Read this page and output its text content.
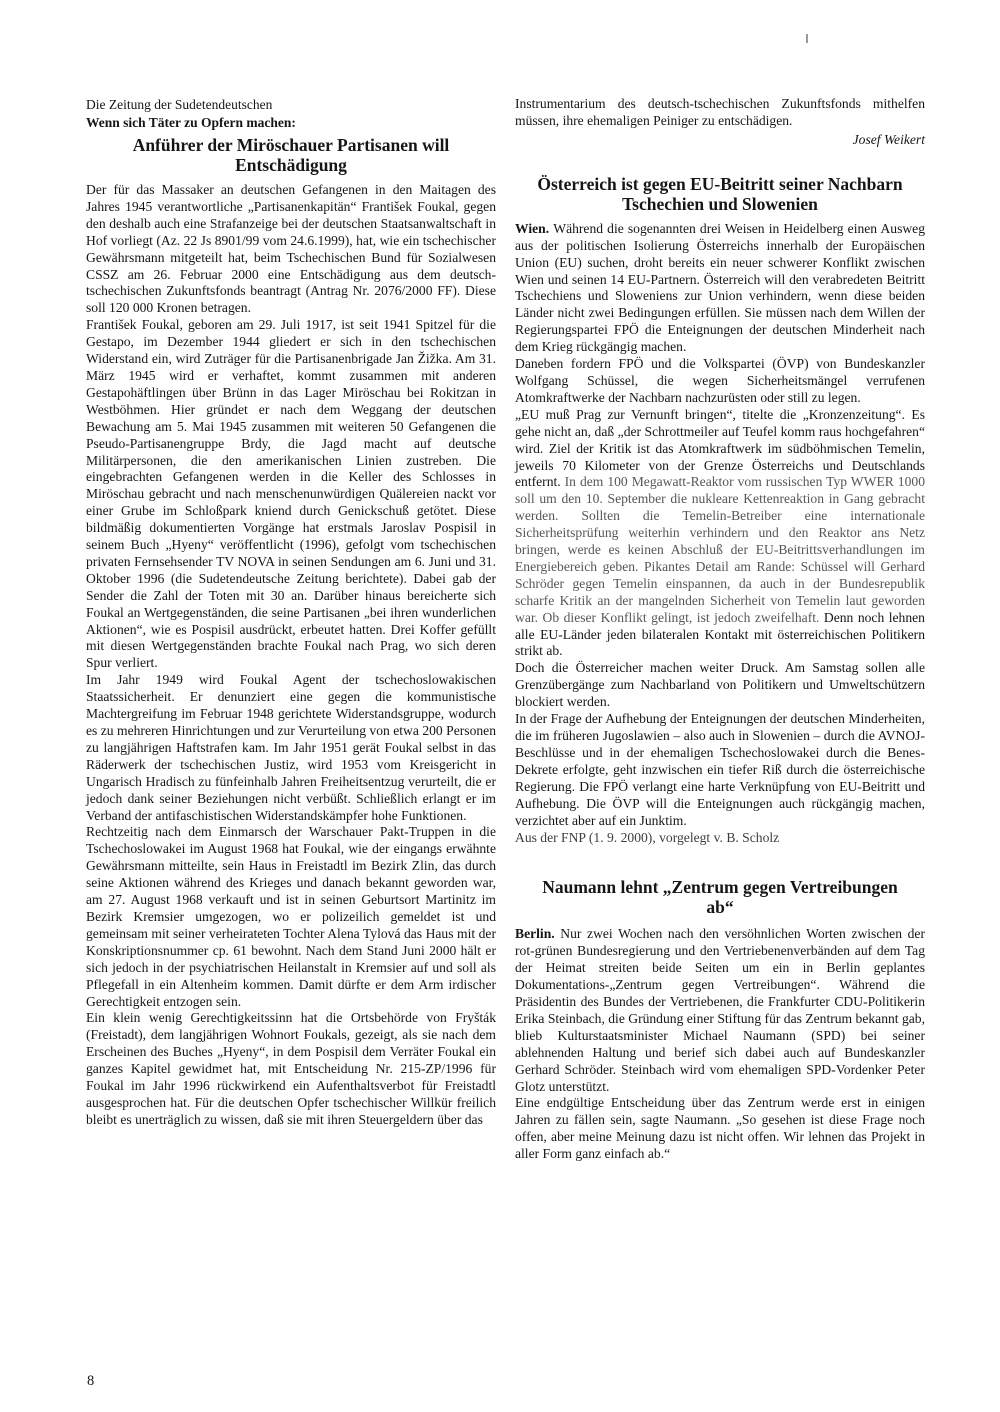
Die Zeitung der Sudetendeutschen

Wenn sich Täter zu Opfern machen:

Anführer der Miröschauer Partisanen will Entschädigung

Der für das Massaker an deutschen Gefangenen in den Maitagen des Jahres 1945 verantwortliche „Partisanenkapitän“ František Foukal, gegen den deshalb auch eine Strafanzeige bei der deutschen Staatsanwaltschaft in Hof vorliegt (Az. 22 Js 8901/99 vom 24.6.1999), hat, wie ein tschechischer Gewährsmann mitgeteilt hat, beim Tschechischen Bund für Sozialwesen CSSZ am 26. Februar 2000 eine Entschädigung aus dem deutsch-tschechischen Zukunftsfonds beantragt (Antrag Nr. 2076/2000 FF). Diese soll 120 000 Kronen betragen.

František Foukal, geboren am 29. Juli 1917, ist seit 1941 Spitzel für die Gestapo, im Dezember 1944 gliedert er sich in den tschechischen Widerstand ein, wird Zuträger für die Partisanenbrigade Jan Žižka. Am 31. März 1945 wird er verhaftet, kommt zusammen mit anderen Gestapohäftlingen über Brünn in das Lager Miröschau bei Rokitzan in Westböhmen. Hier gründet er nach dem Weggang der deutschen Bewachung am 5. Mai 1945 zusammen mit weiteren 50 Gefangenen die Pseudo-Partisanengruppe Brdy, die Jagd macht auf deutsche Militärpersonen, die den amerikanischen Linien zustreben. Die eingebrachten Gefangenen werden in die Keller des Schlosses in Miröschau gebracht und nach menschenunwürdigen Quälereien nackt vor einer Grube im Schloßpark kniend durch Genickschuß getötet. Diese bildmäßig dokumentierten Vorgänge hat erstmals Jaroslav Pospisil in seinem Buch „Hyeny“ veröffentlicht (1996), gefolgt vom tschechischen privaten Fernsehsender TV NOVA in seinen Sendungen am 6. Juni und 31. Oktober 1996 (die Sudetendeutsche Zeitung berichtete). Dabei gab der Sender die Zahl der Toten mit 30 an. Darüber hinaus bereicherte sich Foukal an Wertgegenständen, die seine Partisanen „bei ihren wunderlichen Aktionen“, wie es Pospisil ausdrückt, erbeutet hatten. Drei Koffer gefüllt mit diesen Wertgegenständen brachte Foukal nach Prag, wo sich deren Spur verliert.

Im Jahr 1949 wird Foukal Agent der tschechoslowakischen Staatssicherheit. Er denunziert eine gegen die kommunistische Machtergreifung im Februar 1948 gerichtete Widerstandsgruppe, wodurch es zu mehreren Hinrichtungen und zur Verurteilung von etwa 200 Personen zu langjährigen Haftstrafen kam. Im Jahr 1951 gerät Foukal selbst in das Räderwerk der tschechischen Justiz, wird 1953 vom Kreisgericht in Ungarisch Hradisch zu fünfeinhalb Jahren Freiheitsentzug verurteilt, die er jedoch dank seiner Beziehungen nicht verbüßt. Schließlich erlangt er im Verband der antifaschistischen Widerstandskämpfer hohe Funktionen.

Rechtzeitig nach dem Einmarsch der Warschauer Pakt-Truppen in die Tschechoslowakei im August 1968 hat Foukal, wie der eingangs erwähnte Gewährsmann mitteilte, sein Haus in Freistadtl im Bezirk Zlin, das durch seine Aktionen während des Krieges und danach bekannt geworden war, am 27. August 1968 verkauft und ist in seinen Geburtsort Martinitz im Bezirk Kremsier umgezogen, wo er polizeilich gemeldet ist und gemeinsam mit seiner verheirateten Tochter Alena Tylová das Haus mit der Konskriptionsnummer cp. 61 bewohnt. Nach dem Stand Juni 2000 hält er sich jedoch in der psychiatrischen Heilanstalt in Kremsier auf und soll als Pflegefall in ein Altenheim kommen. Damit dürfte er dem Arm irdischer Gerechtigkeit entzogen sein.

Ein klein wenig Gerechtigkeitssinn hat die Ortsbehörde von Fryšták (Freistadt), dem langjährigen Wohnort Foukals, gezeigt, als sie nach dem Erscheinen des Buches „Hyeny“, in dem Pospisil dem Verräter Foukal ein ganzes Kapitel gewidmet hat, mit Entscheidung Nr. 215-ZP/1996 für Foukal im Jahr 1996 rückwirkend ein Aufenthaltsverbot für Freistadtl ausgesprochen hat. Für die deutschen Opfer tschechischer Willkür freilich bleibt es unerträglich zu wissen, daß sie mit ihren Steuergeldern über das

Instrumentarium des deutsch-tschechischen Zukunftsfonds mithelfen müssen, ihre ehemaligen Peiniger zu entschädigen.

Josef Weikert

Österreich ist gegen EU-Beitritt seiner Nachbarn Tschechien und Slowenien

Wien. Während die sogenannten drei Weisen in Heidelberg einen Ausweg aus der politischen Isolierung Österreichs innerhalb der Europäischen Union (EU) suchen, droht bereits ein neuer schwerer Konflikt zwischen Wien und seinen 14 EU-Partnern. Österreich will den verabredeten Beitritt Tschechiens und Sloweniens zur Union verhindern, wenn diese beiden Länder nicht zwei Bedingungen erfüllen. Sie müssen nach dem Willen der Regierungspartei FPÖ die Enteignungen der deutschen Minderheit nach dem Krieg rückgängig machen.

Daneben fordern FPÖ und die Volkspartei (ÖVP) von Bundeskanzler Wolfgang Schüssel, die wegen Sicherheitsmängel verrufenen Atomkraftwerke der Nachbarn nachzurüsten oder still zu legen.

„EU muß Prag zur Vernunft bringen“, titelte die „Kronzenzeitung“. Es gehe nicht an, daß „der Schrottmeiler auf Teufel komm raus hochgefahren“ wird. Ziel der Kritik ist das Atomkraftwerk im südböhmischen Temelin, jeweils 70 Kilometer von der Grenze Österreichs und Deutschlands entfernt. In dem 100 Megawatt-Reaktor vom russischen Typ WWER 1000 soll um den 10. September die nukleare Kettenreaktion in Gang gebracht werden. Sollten die Temelin-Betreiber eine internationale Sicherheitsprüfung weiterhin verhindern und den Reaktor ans Netz bringen, werde es keinen Abschluß der EU-Beitrittsverhandlungen im Energiebereich geben. Pikantes Detail am Rande: Schüssel will Gerhard Schröder gegen Temelin einspannen, da auch in der Bundesrepublik scharfe Kritik an der mangelnden Sicherheit von Temelin laut geworden war. Ob dieser Konflikt gelingt, ist jedoch zweifelhaft. Denn noch lehnen alle EU-Länder jeden bilateralen Kontakt mit österreichischen Politikern strikt ab.

Doch die Österreicher machen weiter Druck. Am Samstag sollen alle Grenzübergänge zum Nachbarland von Politikern und Umweltschützern blockiert werden.

In der Frage der Aufhebung der Enteignungen der deutschen Minderheiten, die im früheren Jugoslawien – also auch in Slowenien – durch die AVNOJ-Beschlüsse und in der ehemaligen Tschechoslowakei durch die Benes-Dekrete erfolgte, geht inzwischen ein tiefer Riß durch die österreichische Regierung. Die FPÖ verlangt eine harte Verknüpfung von EU-Beitritt und Aufhebung. Die ÖVP will die Enteignungen auch rückgängig machen, verzichtet aber auf ein Junktim.

Aus der FNP (1. 9. 2000), vorgelegt v. B. Scholz

Naumann lehnt „Zentrum gegen Vertreibungen ab“

Berlin. Nur zwei Wochen nach den versöhnlichen Worten zwischen der rot-grünen Bundesregierung und den Vertriebenenverbänden auf dem Tag der Heimat streiten beide Seiten um ein in Berlin geplantes Dokumentations-„Zentrum gegen Vertreibungen“. Während die Präsidentin des Bundes der Vertriebenen, die Frankfurter CDU-Politikerin Erika Steinbach, die Gründung einer Stiftung für das Zentrum bekannt gab, blieb Kulturstaatsminister Michael Naumann (SPD) bei seiner ablehnenden Haltung und berief sich dabei auch auf Bundeskanzler Gerhard Schröder. Steinbach wird vom ehemaligen SPD-Vordenker Peter Glotz unterstützt.

Eine endgültige Entscheidung über das Zentrum werde erst in einigen Jahren zu fällen sein, sagte Naumann. „So gesehen ist diese Frage noch offen, aber meine Meinung dazu ist nicht offen. Wir lehnen das Projekt in aller Form ganz einfach ab.“

8
